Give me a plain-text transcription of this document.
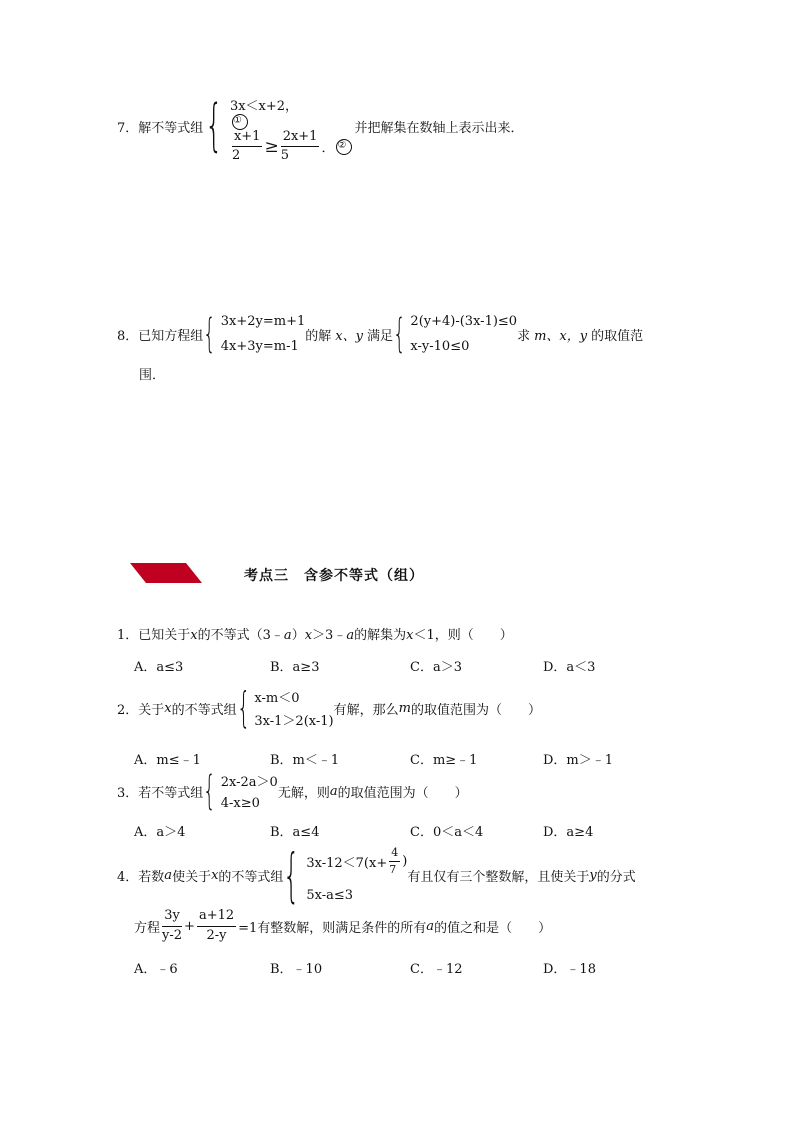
7． 解不等式组 { 3x＜x+2，
①
$\frac{x+1}{2} \ge \frac{2x+1}{5}$ ． ②
并把解集在数轴上表示出来．
8． 已知方程组 { 3x+2y=m+1
4x+3y=m-1
的解 x、y 满足 { 2(y+4)-(3x-1)≤0
x-y-10≤0
求 m、x，y 的取值范
围．
考点三　含参不等式（组）
1．已知关于x的不等式（3﹣a）x＞3﹣a的解集为x＜1，则（　　）
A．a≤3	B．a≥3	C．a＞3	D．a＜3
2． 关于 x 的不等式组 { x-m＜0
3x-1＞2(x-1)
有解，那么 m 的取值范围为（　　）
A．m≤﹣1	B．m＜﹣1	C．m≥﹣1	D．m＞﹣1
3． 若不等式组 { 2x-2a＞0
4-x≥0
无解，则 a 的取值范围为（　　）
A．a＞4	B．a≤4	C．0＜a＜4	D．a≥4
4． 若数 a 使关于 x 的不等式组 { $3x-12<7(x+ \frac{4}{7}$ )
5x-a≤3
有且仅有三个整数解，且使关于 y 的分式
方程 $\frac{3y}{y-2} + \frac{a+12}{2-y} =1$有整数解，则满足条件的所有 a 的值之和是（　　）
A．﹣6	B．﹣10	C．﹣12	D．﹣18
